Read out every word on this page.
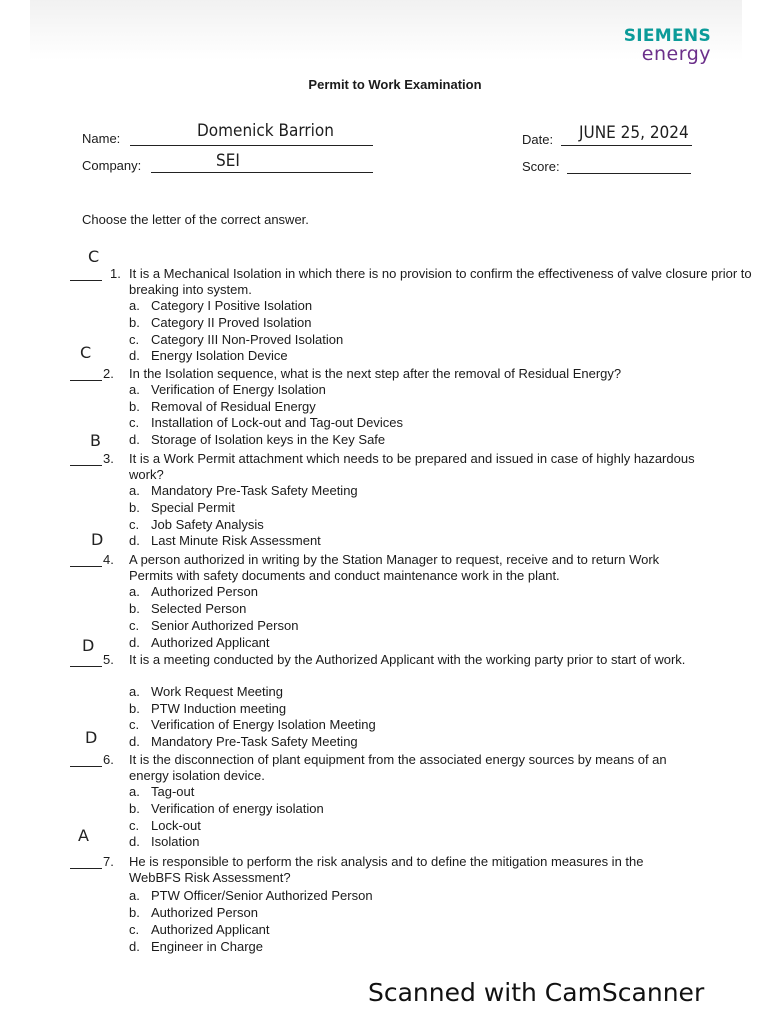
SIEMENS
energy
Permit to Work Examination
Name:	Domenick Barrion	Date: JUNE 25, 2024
Company:	SEI	Score:
Choose the letter of the correct answer.
C
1. It is a Mechanical Isolation in which there is no provision to confirm the effectiveness of valve closure prior to breaking into system.
a. Category I Positive Isolation
b. Category II Proved Isolation
c. Category III Non-Proved Isolation
d. Energy Isolation Device
C
2. In the Isolation sequence, what is the next step after the removal of Residual Energy?
a. Verification of Energy Isolation
b. Removal of Residual Energy
c. Installation of Lock-out and Tag-out Devices
d. Storage of Isolation keys in the Key Safe
B
3. It is a Work Permit attachment which needs to be prepared and issued in case of highly hazardous work?
a. Mandatory Pre-Task Safety Meeting
b. Special Permit
c. Job Safety Analysis
d. Last Minute Risk Assessment
D
4. A person authorized in writing by the Station Manager to request, receive and to return Work Permits with safety documents and conduct maintenance work in the plant.
a. Authorized Person
b. Selected Person
c. Senior Authorized Person
d. Authorized Applicant
D
5. It is a meeting conducted by the Authorized Applicant with the working party prior to start of work.
a. Work Request Meeting
b. PTW Induction meeting
c. Verification of Energy Isolation Meeting
d. Mandatory Pre-Task Safety Meeting
D
6. It is the disconnection of plant equipment from the associated energy sources by means of an energy isolation device.
a. Tag-out
b. Verification of energy isolation
c. Lock-out
d. Isolation
A
7. He is responsible to perform the risk analysis and to define the mitigation measures in the WebBFS Risk Assessment?
a. PTW Officer/Senior Authorized Person
b. Authorized Person
c. Authorized Applicant
d. Engineer in Charge
Scanned with CamScanner
